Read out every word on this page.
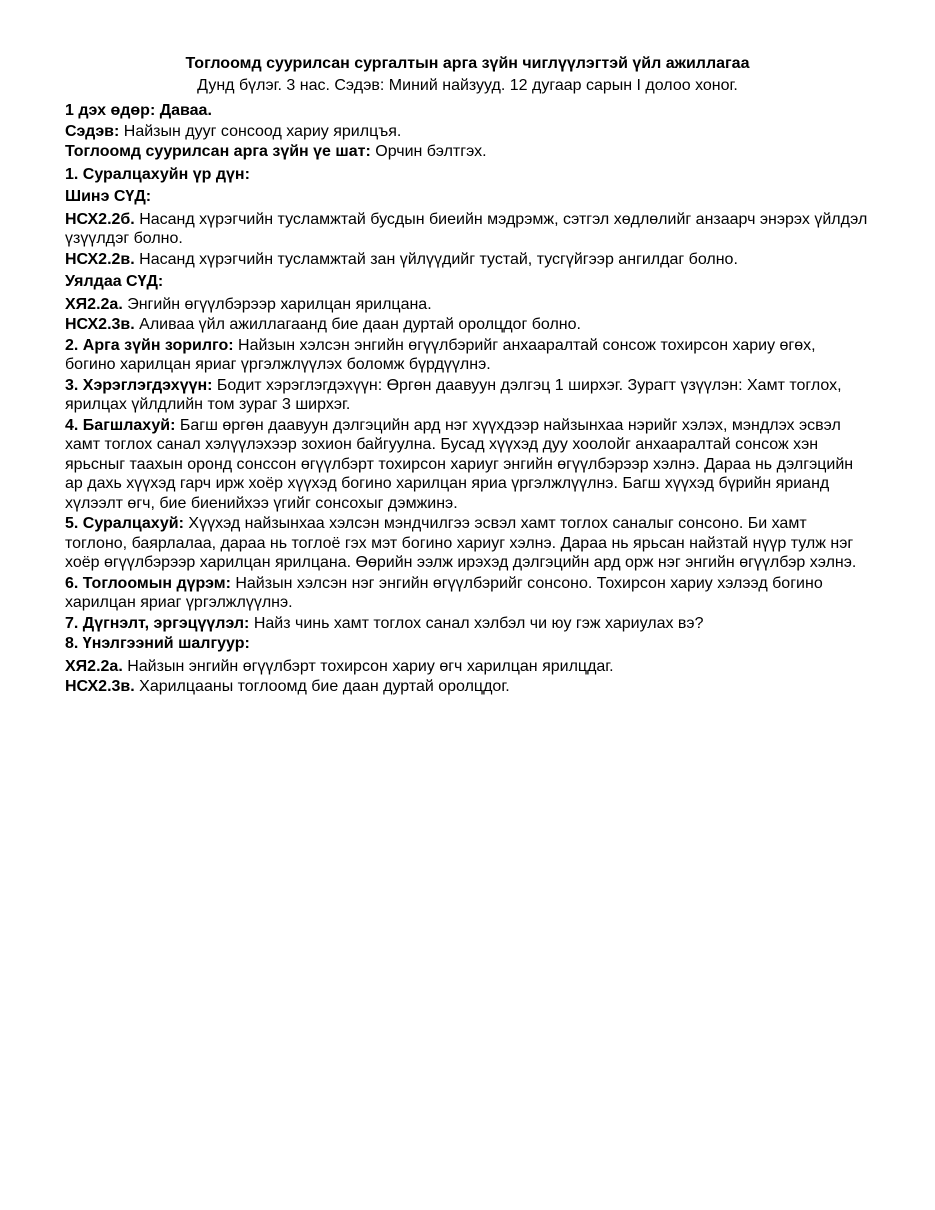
Тоглоомд суурилсан сургалтын арга зүйн чиглүүлэгтэй үйл ажиллагаа

Дунд бүлэг. 3 нас. Сэдэв: Миний найзууд. 12 дугаар сарын I долоо хоног.

1 дэх өдөр: Даваа.

Сэдэв: Найзын дууг сонсоод хариу ярилцъя.

Тоглоомд суурилсан арга зүйн үе шат: Орчин бэлтгэх.

1. Суралцахуйн үр дүн:

Шинэ СҮД:

НСХ2.2б. Насанд хүрэгчийн тусламжтай бусдын биеийн мэдрэмж, сэтгэл хөдлөлийг анзаарч энэрэх үйлдэл үзүүлдэг болно.

НСХ2.2в. Насанд хүрэгчийн тусламжтай зан үйлүүдийг тустай, тусгүйгээр ангилдаг болно.

Уялдаа СҮД:

ХЯ2.2а. Энгийн өгүүлбэрээр харилцан ярилцана.

НСХ2.3в. Аливаа үйл ажиллагаанд бие даан дуртай оролцдог болно.

2. Арга зүйн зорилго: Найзын хэлсэн энгийн өгүүлбэрийг анхааралтай сонсож тохирсон хариу өгөх, богино харилцан яриаг үргэлжлүүлэх боломж бүрдүүлнэ.

3. Хэрэглэгдэхүүн: Бодит хэрэглэгдэхүүн: Өргөн даавуун дэлгэц 1 ширхэг. Зурагт үзүүлэн: Хамт тоглох, ярилцах үйлдлийн том зураг 3 ширхэг.

4. Багшлахуй: Багш өргөн даавуун дэлгэцийн ард нэг хүүхдээр найзынхаа нэрийг хэлэх, мэндлэх эсвэл хамт тоглох санал хэлүүлэхээр зохион байгуулна. Бусад хүүхэд дуу хоолойг анхааралтай сонсож хэн ярьсныг таахын оронд сонссон өгүүлбэрт тохирсон хариуг энгийн өгүүлбэрээр хэлнэ. Дараа нь дэлгэцийн ар дахь хүүхэд гарч ирж хоёр хүүхэд богино харилцан яриа үргэлжлүүлнэ. Багш хүүхэд бүрийн ярианд хүлээлт өгч, бие биенийхээ үгийг сонсохыг дэмжинэ.

5. Суралцахуй: Хүүхэд найзынхаа хэлсэн мэндчилгээ эсвэл хамт тоглох саналыг сонсоно. Би хамт тоглоно, баярлалаа, дараа нь тоглоё гэх мэт богино хариуг хэлнэ. Дараа нь ярьсан найзтай нүүр тулж нэг хоёр өгүүлбэрээр харилцан ярилцана. Өөрийн ээлж ирэхэд дэлгэцийн ард орж нэг энгийн өгүүлбэр хэлнэ.

6. Тоглоомын дүрэм: Найзын хэлсэн нэг энгийн өгүүлбэрийг сонсоно. Тохирсон хариу хэлээд богино харилцан яриаг үргэлжлүүлнэ.

7. Дүгнэлт, эргэцүүлэл: Найз чинь хамт тоглох санал хэлбэл чи юу гэж хариулах вэ?

8. Үнэлгээний шалгуур:

ХЯ2.2а. Найзын энгийн өгүүлбэрт тохирсон хариу өгч харилцан ярилцдаг.

НСХ2.3в. Харилцааны тоглоомд бие даан дуртай оролцдог.
